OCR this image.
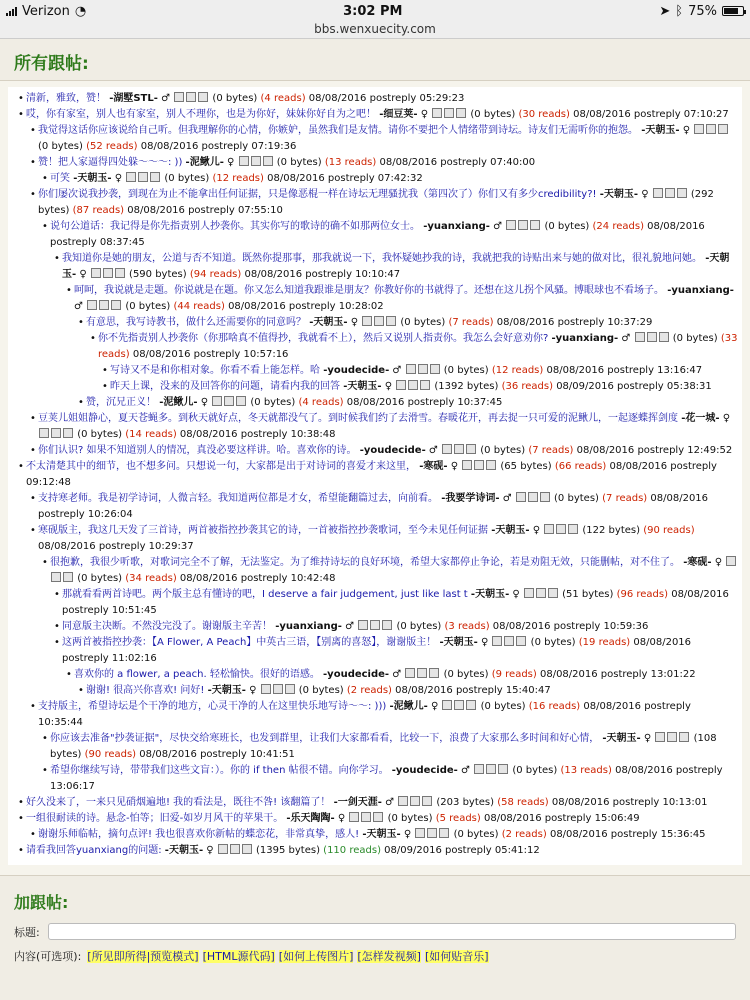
Verizon ◔	3:02 PM	➤ ᛒ 75%
bbs.wenxuecity.com
所有跟帖:
• 清新，雅致，赞！ -湖墅STL- ♂	(0 bytes) (4 reads) 08/08/2016 postreply 05:29:23
• 哎，你有家室，别人也有家室，别人不理你，也是为你好，妹妹你好自为之吧！ -细豆荚- ♀	(0 bytes) (30 reads) 08/08/2016 postreply 07:10:27
• 我觉得这话你应该说给自己听。但我理解你的心情，你嫉妒，虽然我们是友情。请你不要把个人情绪带到诗坛。诗友们无需听你的抱怨。 -天朝玉- ♀  (0 bytes) (52 reads) 08/08/2016 postreply 07:19:36
• 赞！把人家逼得四处躲～～～: )) -泥鳅儿- ♀	(0 bytes) (13 reads) 08/08/2016 postreply 07:40:00
• 可笑 -天朝玉- ♀	(0 bytes) (12 reads) 08/08/2016 postreply 07:42:32
• 你们屡次说我抄袭，到现在为止不能拿出任何证据，只是像恶棍一样在诗坛无理骚扰我（第四次了）你们又有多少credibility?! -天朝玉- ♀	(292 bytes) (87 reads) 08/08/2016 postreply 07:55:10
• 说句公道话：我记得是你先指责别人抄袭你。其实你写的歌诗的确不如那两位女士。 -yuanxiang- ♂	(0 bytes) (24 reads) 08/08/2016 postreply 08:37:45
• 我知道你是她的朋友，公道与否不知道。既然你提那事，那我就说一下，我怀疑她抄我的诗，我就把我的诗贴出来与她的做对比，很礼貌地问她。 -天朝玉- ♀	(590 bytes) (94 reads) 08/08/2016 postreply 10:10:47
• 呵呵，我说就是走题。你说就是在题。你又怎么知道我跟谁是朋友？你教好你的书就得了。还想在这儿拐个风骚。博眼球也不看场子。 -yuanxiang- ♂	(0 bytes) (44 reads) 08/08/2016 postreply 10:28:02
• 有意思，我写诗教书，做什么还需要你的同意吗？ -天朝玉- ♀	(0 bytes) (7 reads) 08/08/2016 postreply 10:37:29
• 你不先指责别人抄袭你（你那啥真不值得抄，我就看不上），然后又说别人指责你。我怎么会好意劝你? -yuanxiang- ♂	(0 bytes) (33 reads) 08/08/2016 postreply 10:57:16
• 写诗又不是和你相对象。你看不看上能怎样。哈 -youdecide- ♂	(0 bytes) (12 reads) 08/08/2016 postreply 13:16:47
• 昨天上课，没来的及回答你的问题，请看内我的回答 -天朝玉- ♀	(1392 bytes) (36 reads) 08/09/2016 postreply 05:38:31
• 赞，沉兄正义！ -泥鳅儿- ♀	(0 bytes) (4 reads) 08/08/2016 postreply 10:37:45
• 豆荚儿姐姐静心，夏天苍蝇多。到秋天就好点，冬天就都没气了。到时候我们约了去滑雪。春暖花开，再去捉一只可爱的泥鳅儿，一起逐蝶挥剑度 -花一城- ♀  (0 bytes) (14 reads) 08/08/2016 postreply 10:38:48
• 你们认识? 如果不知道别人的情况，真没必要这样讲。哈。喜欢你的诗。 -youdecide- ♂	(0 bytes) (7 reads) 08/08/2016 postreply 12:49:52
• 不太清楚其中的细节，也不想多问。只想说一句，大家都是出于对诗词的喜爱才来这里， -寒砚- ♀	(65 bytes) (66 reads) 08/08/2016 postreply 09:12:48
• 支持寒老师。我是初学诗词，人微言轻。我知道两位都是才女，希望能翻篇过去，向前看。 -我要学诗词- ♂	(0 bytes) (7 reads) 08/08/2016 postreply 10:26:04
• 寒砚版主，我这几天发了三首诗，两首被指控抄袭其它的诗，一首被指控抄袭歌词，至今未见任何证据 -天朝玉- ♀	(122 bytes) (90 reads) 08/08/2016 postreply 10:29:37
• 很抱歉，我很少听歌，对歌词完全不了解，无法鉴定。为了维持诗坛的良好环境，希望大家都停止争论，若是劝阻无效，只能删帖，对不住了。 -寒砚- ♀  (0 bytes) (34 reads) 08/08/2016 postreply 10:42:48
• 那就看看两首诗吧。两个版主总有懂诗的吧，I deserve a fair judgement, just like last t -天朝玉- ♀	(51 bytes) (96 reads) 08/08/2016 postreply 10:51:45
• 同意版主决断。不然没完没了。谢谢版主辛苦！ -yuanxiang- ♂	(0 bytes) (3 reads) 08/08/2016 postreply 10:59:36
• 这两首被指控抄袭：【A Flower, A Peach】中英古三语，【别离的喜怒】，谢谢版主！ -天朝玉- ♀	(0 bytes) (19 reads) 08/08/2016 postreply 11:02:16
• 喜欢你的 a flower, a peach. 轻松愉快。很好的语感。 -youdecide- ♂	(0 bytes) (9 reads) 08/08/2016 postreply 13:01:22
• 谢谢! 很高兴你喜欢! 问好! -天朝玉- ♀	(0 bytes) (2 reads) 08/08/2016 postreply 15:40:47
• 支持版主，希望诗坛是个干净的地方，心灵干净的人在这里快乐地写诗～～: ))) -泥鳅儿- ♀	(0 bytes) (16 reads) 08/08/2016 postreply 10:35:44
• 你应该去准备"抄袭证据"，尽快交给寒班长，也发到群里，让我们大家都看看，比较一下，浪费了大家那么多时间和好心情， -天朝玉- ♀	(108 bytes) (90 reads) 08/08/2016 postreply 10:41:51
• 希望你继续写诗，带带我们这些文盲：）。你的 if then 帖很不错。向你学习。 -youdecide- ♂	(0 bytes) (13 reads) 08/08/2016 postreply 13:06:17
• 好久没来了，一来只见硝烟遍地! 我的看法是，既往不咎! 该翻篇了！ -一剑天涯- ♂	(203 bytes) (58 reads) 08/08/2016 postreply 10:13:01
• 一组很耐读的诗。悬念-怕等；旧爱-如岁月风干的苹果干。 -乐天陶陶- ♀	(0 bytes) (5 reads) 08/08/2016 postreply 15:06:49
• 谢谢乐师临帖，摘句点评! 我也很喜欢你新帖的蝶恋花，非常真挚，感人! -天朝玉- ♀	(0 bytes) (2 reads) 08/08/2016 postreply 15:36:45
• 请看我回答yuanxiang的问题: -天朝玉- ♀	(1395 bytes) (110 reads) 08/09/2016 postreply 05:41:12
加跟帖:
标题:
内容(可选项): [所见即所得|预览模式] [HTML源代码] [如何上传图片] [怎样发视频] [如何贴音乐]
